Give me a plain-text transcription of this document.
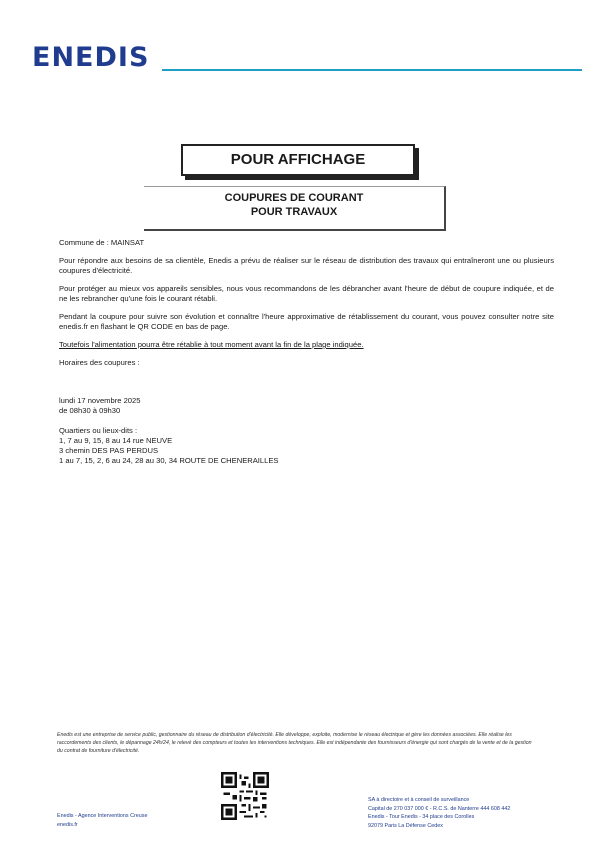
ENEDIS
POUR AFFICHAGE
COUPURES DE COURANT
POUR TRAVAUX

Commune de : MAINSAT

Pour répondre aux besoins de sa clientèle, Enedis a prévu de réaliser sur le réseau de distribution des travaux qui entraîneront une ou plusieurs coupures d'électricité.

Pour protéger au mieux vos appareils sensibles, nous vous recommandons de les débrancher avant l'heure de début de coupure indiquée, et de ne les rebrancher qu'une fois le courant rétabli.

Pendant la coupure pour suivre son évolution et connaître l'heure approximative de rétablissement du courant, vous pouvez consulter notre site enedis.fr en flashant le QR CODE en bas de page.

Toutefois l'alimentation pourra être rétablie à tout moment avant la fin de la plage indiquée.

Horaires des coupures :

lundi 17 novembre 2025
de 08h30 à 09h30
Quartiers ou lieux-dits :
1, 7 au 9, 15, 8 au 14 rue NEUVE
3 chemin DES PAS PERDUS
1 au 7, 15, 2, 6 au 24, 28 au 30, 34 ROUTE DE CHENERAILLES
Enedis est une entreprise de service public, gestionnaire du réseau de distribution d'électricité. Elle développe, exploite, modernise le réseau électrique et gère les données associées. Elle réalise les raccordements des clients, le dépannage 24h/24, le relevé des compteurs et toutes les interventions techniques. Elle est indépendante des fournisseurs d'énergie qui sont chargés de la vente et de la gestion du contrat de fourniture d'électricité.
Enedis - Agence Interventions Creuse
enedis.fr
SA à directoire et à conseil de surveillance
Capital de 270 037 000 € - R.C.S. de Nanterre 444 608 442
Enedis - Tour Enedis - 34 place des Corolles
92079 Paris La Défense Cedex
